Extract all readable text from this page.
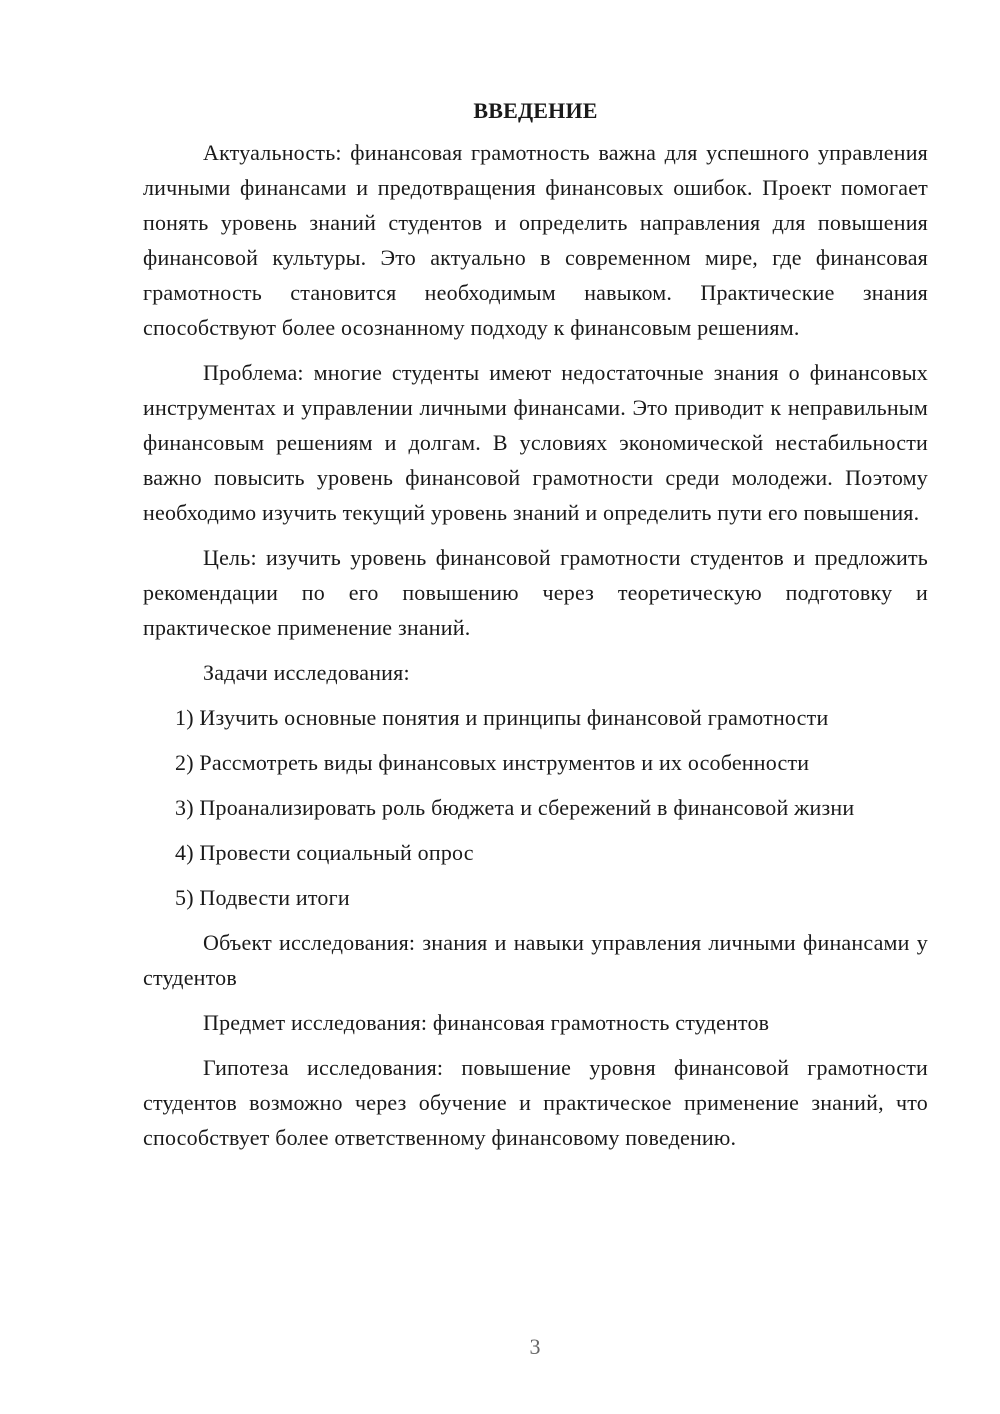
ВВЕДЕНИЕ

Актуальность: финансовая грамотность важна для успешного управления личными финансами и предотвращения финансовых ошибок. Проект помогает понять уровень знаний студентов и определить направления для повышения финансовой культуры. Это актуально в современном мире, где финансовая грамотность становится необходимым навыком. Практические знания способствуют более осознанному подходу к финансовым решениям.

Проблема: многие студенты имеют недостаточные знания о финансовых инструментах и управлении личными финансами. Это приводит к неправильным финансовым решениям и долгам. В условиях экономической нестабильности важно повысить уровень финансовой грамотности среди молодежи. Поэтому необходимо изучить текущий уровень знаний и определить пути его повышения.

Цель: изучить уровень финансовой грамотности студентов и предложить рекомендации по его повышению через теоретическую подготовку и практическое применение знаний.

Задачи исследования:

1) Изучить основные понятия и принципы финансовой грамотности

2) Рассмотреть виды финансовых инструментов и их особенности

3) Проанализировать роль бюджета и сбережений в финансовой жизни

4) Провести социальный опрос

5) Подвести итоги

Объект исследования: знания и навыки управления личными финансами у студентов

Предмет исследования: финансовая грамотность студентов

Гипотеза исследования: повышение уровня финансовой грамотности студентов возможно через обучение и практическое применение знаний, что способствует более ответственному финансовому поведению.

3
